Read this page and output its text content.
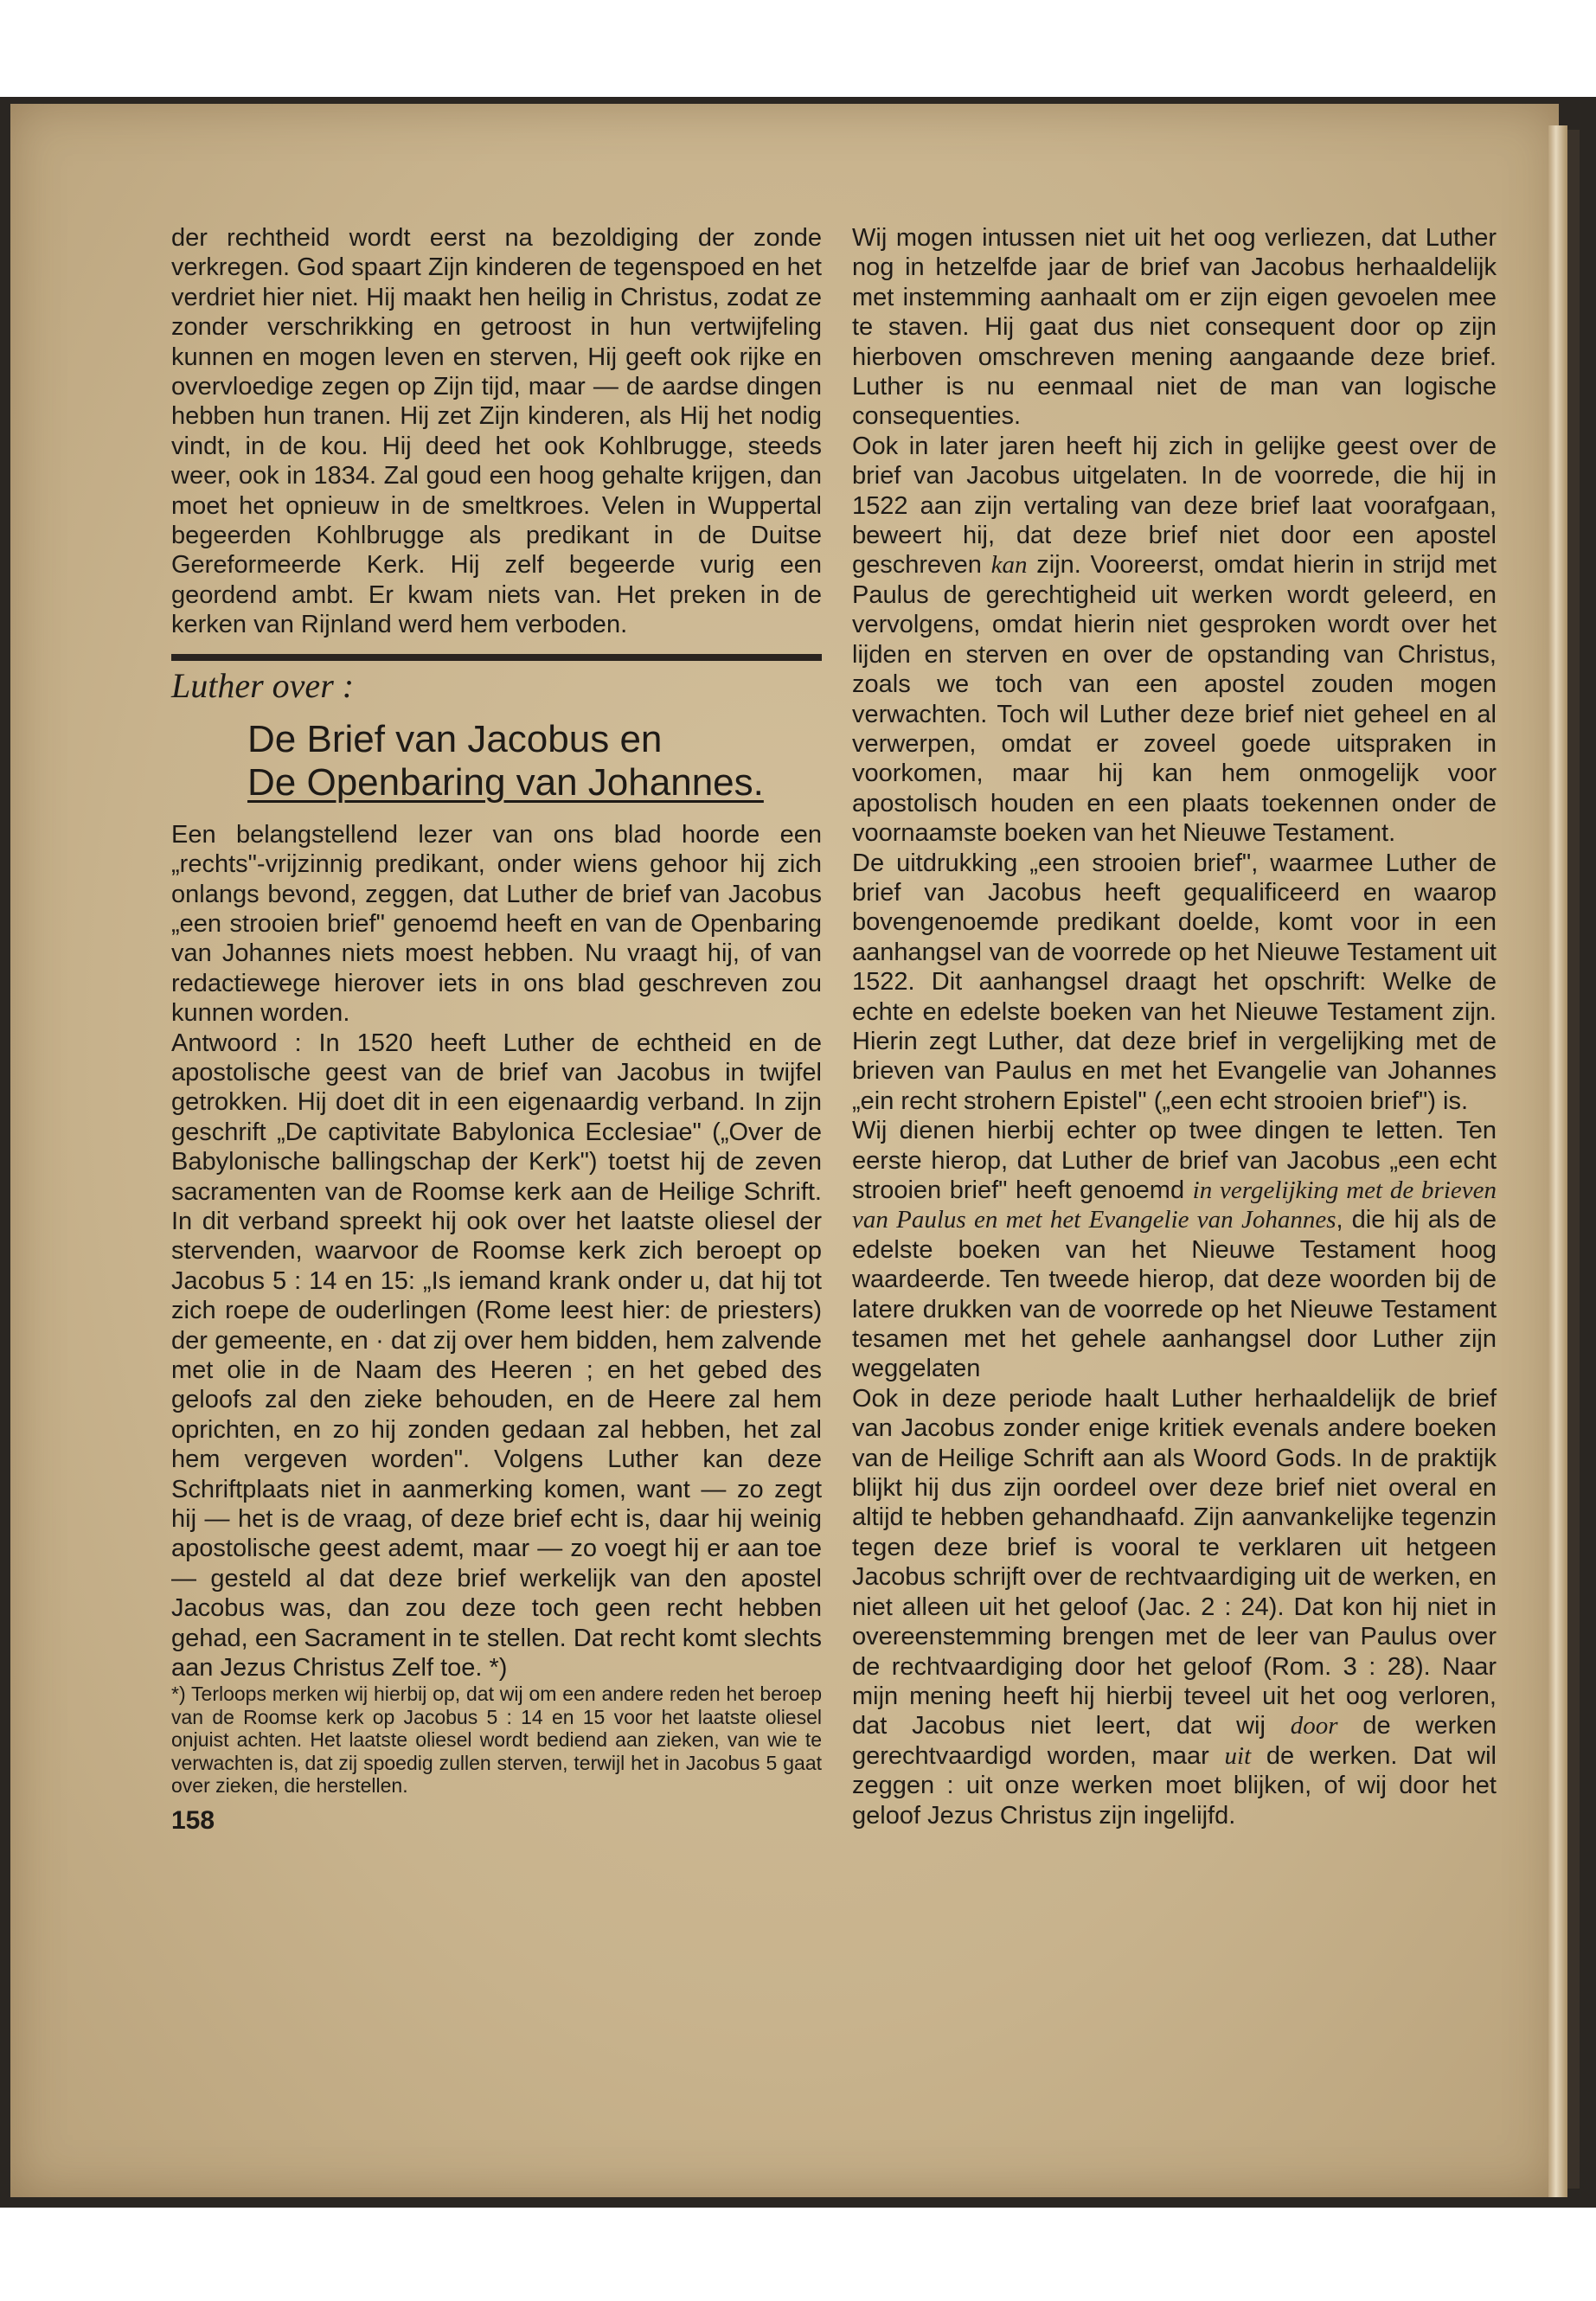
der rechtheid wordt eerst na bezoldiging der zonde verkregen. God spaart Zijn kinderen de tegenspoed en het verdriet hier niet. Hij maakt hen heilig in Christus, zodat ze zonder verschrikking en getroost in hun vertwijfeling kunnen en mogen leven en sterven, Hij geeft ook rijke en overvloedige zegen op Zijn tijd, maar — de aardse dingen hebben hun tranen. Hij zet Zijn kinderen, als Hij het nodig vindt, in de kou. Hij deed het ook Kohlbrugge, steeds weer, ook in 1834. Zal goud een hoog gehalte krijgen, dan moet het opnieuw in de smeltkroes. Velen in Wuppertal begeerden Kohlbrugge als predikant in de Duitse Gereformeerde Kerk. Hij zelf begeerde vurig een geordend ambt. Er kwam niets van. Het preken in de kerken van Rijnland werd hem verboden.

Luther over :
De Brief van Jacobus en
De Openbaring van Johannes.

Een belangstellend lezer van ons blad hoorde een „rechts"-vrijzinnig predikant, onder wiens gehoor hij zich onlangs bevond, zeggen, dat Luther de brief van Jacobus „een strooien brief" genoemd heeft en van de Openbaring van Johannes niets moest hebben. Nu vraagt hij, of van redactiewege hierover iets in ons blad geschreven zou kunnen worden.

Antwoord : In 1520 heeft Luther de echtheid en de apostolische geest van de brief van Jacobus in twijfel getrokken. Hij doet dit in een eigenaardig verband. In zijn geschrift „De captivitate Babylonica Ecclesiae" („Over de Babylonische ballingschap der Kerk") toetst hij de zeven sacramenten van de Roomse kerk aan de Heilige Schrift. In dit verband spreekt hij ook over het laatste oliesel der stervenden, waarvoor de Roomse kerk zich beroept op Jacobus 5 : 14 en 15: „Is iemand krank onder u, dat hij tot zich roepe de ouderlingen (Rome leest hier: de priesters) der gemeente, en · dat zij over hem bidden, hem zalvende met olie in de Naam des Heeren ; en het gebed des geloofs zal den zieke behouden, en de Heere zal hem oprichten, en zo hij zonden gedaan zal hebben, het zal hem vergeven worden". Volgens Luther kan deze Schriftplaats niet in aanmerking komen, want — zo zegt hij — het is de vraag, of deze brief echt is, daar hij weinig apostolische geest ademt, maar — zo voegt hij er aan toe — gesteld al dat deze brief werkelijk van den apostel Jacobus was, dan zou deze toch geen recht hebben gehad, een Sacrament in te stellen. Dat recht komt slechts aan Jezus Christus Zelf toe. *)

*) Terloops merken wij hierbij op, dat wij om een andere reden het beroep van de Roomse kerk op Jacobus 5 : 14 en 15 voor het laatste oliesel onjuist achten. Het laatste oliesel wordt bediend aan zieken, van wie te verwachten is, dat zij spoedig zullen sterven, terwijl het in Jacobus 5 gaat over zieken, die herstellen.

158

Wij mogen intussen niet uit het oog verliezen, dat Luther nog in hetzelfde jaar de brief van Jacobus herhaaldelijk met instemming aanhaalt om er zijn eigen gevoelen mee te staven. Hij gaat dus niet consequent door op zijn hierboven omschreven mening aangaande deze brief. Luther is nu eenmaal niet de man van logische consequenties.

Ook in later jaren heeft hij zich in gelijke geest over de brief van Jacobus uitgelaten. In de voorrede, die hij in 1522 aan zijn vertaling van deze brief laat voorafgaan, beweert hij, dat deze brief niet door een apostel geschreven kan zijn. Vooreerst, omdat hierin in strijd met Paulus de gerechtigheid uit werken wordt geleerd, en vervolgens, omdat hierin niet gesproken wordt over het lijden en sterven en over de opstanding van Christus, zoals we toch van een apostel zouden mogen verwachten. Toch wil Luther deze brief niet geheel en al verwerpen, omdat er zoveel goede uitspraken in voorkomen, maar hij kan hem onmogelijk voor apostolisch houden en een plaats toekennen onder de voornaamste boeken van het Nieuwe Testament.

De uitdrukking „een strooien brief", waarmee Luther de brief van Jacobus heeft gequalificeerd en waarop bovengenoemde predikant doelde, komt voor in een aanhangsel van de voorrede op het Nieuwe Testament uit 1522. Dit aanhangsel draagt het opschrift: Welke de echte en edelste boeken van het Nieuwe Testament zijn. Hierin zegt Luther, dat deze brief in vergelijking met de brieven van Paulus en met het Evangelie van Johannes „ein recht strohern Epistel" („een echt strooien brief") is.

Wij dienen hierbij echter op twee dingen te letten. Ten eerste hierop, dat Luther de brief van Jacobus „een echt strooien brief" heeft genoemd in vergelijking met de brieven van Paulus en met het Evangelie van Johannes, die hij als de edelste boeken van het Nieuwe Testament hoog waardeerde. Ten tweede hierop, dat deze woorden bij de latere drukken van de voorrede op het Nieuwe Testament tesamen met het gehele aanhangsel door Luther zijn weggelaten

Ook in deze periode haalt Luther herhaaldelijk de brief van Jacobus zonder enige kritiek evenals andere boeken van de Heilige Schrift aan als Woord Gods. In de praktijk blijkt hij dus zijn oordeel over deze brief niet overal en altijd te hebben gehandhaafd. Zijn aanvankelijke tegenzin tegen deze brief is vooral te verklaren uit hetgeen Jacobus schrijft over de rechtvaardiging uit de werken, en niet alleen uit het geloof (Jac. 2 : 24). Dat kon hij niet in overeenstemming brengen met de leer van Paulus over de rechtvaardiging door het geloof (Rom. 3 : 28). Naar mijn mening heeft hij hierbij teveel uit het oog verloren, dat Jacobus niet leert, dat wij door de werken gerechtvaardigd worden, maar uit de werken. Dat wil zeggen : uit onze werken moet blijken, of wij door het geloof Jezus Christus zijn ingelijfd.
